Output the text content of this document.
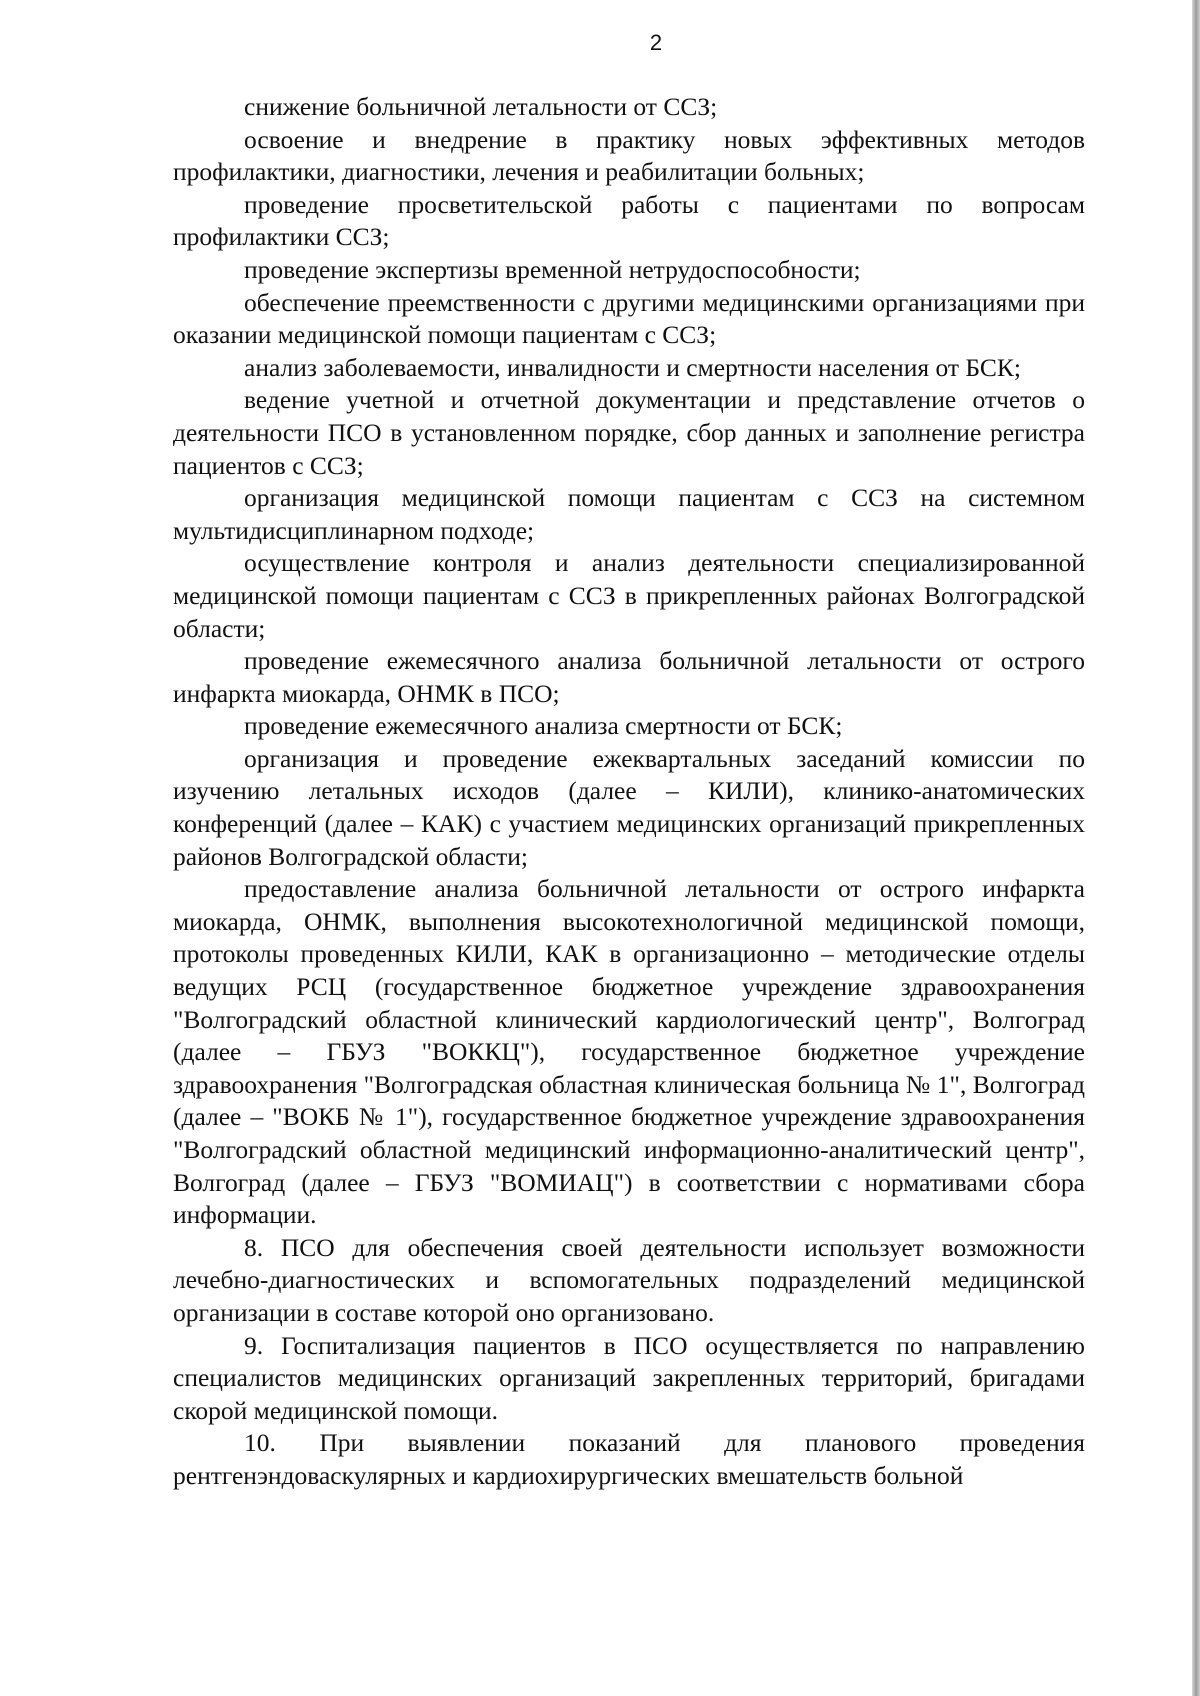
2

снижение больничной летальности от ССЗ;

освоение и внедрение в практику новых эффективных методов профилактики, диагностики, лечения и реабилитации больных;

проведение просветительской работы с пациентами по вопросам профилактики ССЗ;

проведение экспертизы временной нетрудоспособности;

обеспечение преемственности с другими медицинскими организациями при оказании медицинской помощи пациентам с ССЗ;

анализ заболеваемости, инвалидности и смертности населения от БСК;

ведение учетной и отчетной документации и представление отчетов о деятельности ПСО в установленном порядке, сбор данных и заполнение регистра пациентов с ССЗ;

организация медицинской помощи пациентам с ССЗ на системном мультидисциплинарном подходе;

осуществление контроля и анализ деятельности специализированной медицинской помощи пациентам с ССЗ в прикрепленных районах Волгоградской области;

проведение ежемесячного анализа больничной летальности от острого инфаркта миокарда, ОНМК в ПСО;

проведение ежемесячного анализа смертности от БСК;

организация и проведение ежеквартальных заседаний комиссии по изучению летальных исходов (далее – КИЛИ), клинико-анатомических конференций (далее – КАК) с участием медицинских организаций прикрепленных районов Волгоградской области;

предоставление анализа больничной летальности от острого инфаркта миокарда, ОНМК, выполнения высокотехнологичной медицинской помощи, протоколы проведенных КИЛИ, КАК в организационно – методические отделы ведущих РСЦ (государственное бюджетное учреждение здравоохранения "Волгоградский областной клинический кардиологический центр", Волгоград (далее – ГБУЗ "ВОККЦ"), государственное бюджетное учреждение здравоохранения "Волгоградская областная клиническая больница № 1", Волгоград (далее – "ВОКБ № 1"), государственное бюджетное учреждение здравоохранения "Волгоградский областной медицинский информационно-аналитический центр", Волгоград (далее – ГБУЗ "ВОМИАЦ") в соответствии с нормативами сбора информации.

8. ПСО для обеспечения своей деятельности использует возможности лечебно-диагностических и вспомогательных подразделений медицинской организации в составе которой оно организовано.

9. Госпитализация пациентов в ПСО осуществляется по направлению специалистов медицинских организаций закрепленных территорий, бригадами скорой медицинской помощи.

10. При выявлении показаний для планового проведения рентгенэндоваскулярных и кардиохирургических вмешательств больной
